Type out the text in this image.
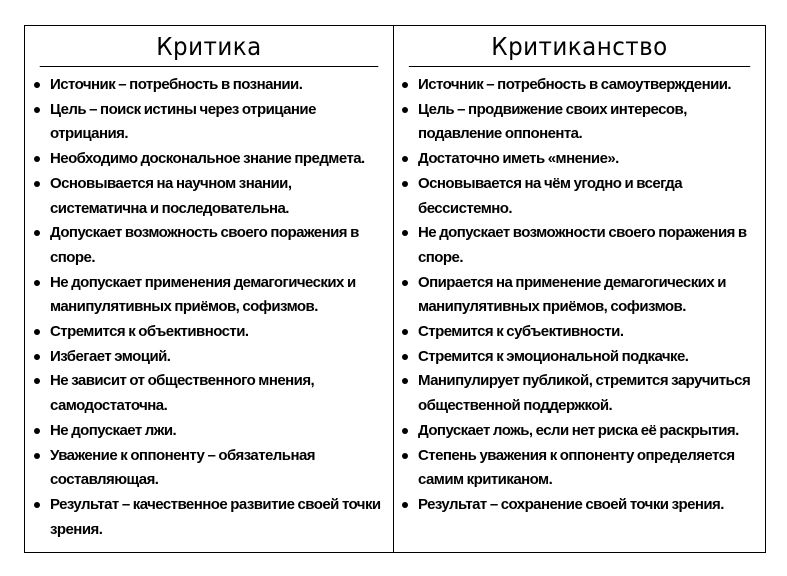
Критика
Источник – потребность в познании.
Цель – поиск истины через отрицание отрицания.
Необходимо доскональное знание предмета.
Основывается на научном знании, систематична и последовательна.
Допускает возможность своего поражения в споре.
Не допускает применения демагогических и манипулятивных приёмов, софизмов.
Стремится к объективности.
Избегает эмоций.
Не зависит от общественного мнения, самодостаточна.
Не допускает лжи.
Уважение к оппоненту – обязательная составляющая.
Результат – качественное развитие своей точки зрения.
Критиканство
Источник – потребность в самоутверждении.
Цель – продвижение своих интересов, подавление оппонента.
Достаточно иметь «мнение».
Основывается на чём угодно и всегда бессистемно.
Не допускает возможности своего поражения в споре.
Опирается на применение демагогических и манипулятивных приёмов, софизмов.
Стремится к субъективности.
Стремится к эмоциональной подкачке.
Манипулирует публикой, стремится заручиться общественной поддержкой.
Допускает ложь, если нет риска её раскрытия.
Степень уважения к оппоненту определяется самим критиканом.
Результат – сохранение своей точки зрения.
